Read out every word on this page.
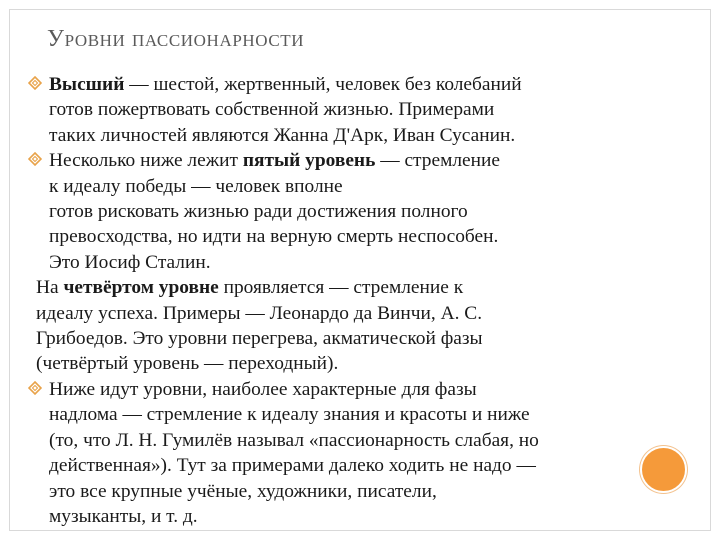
Уровни пассионарности
Высший — шестой, жертвенный, человек без колебаний
готов пожертвовать собственной жизнью. Примерами
таких личностей являются Жанна Д'Арк, Иван Сусанин.
Несколько ниже лежит пятый уровень — стремление
к идеалу победы — человек вполне
готов рисковать жизнью ради достижения полного
превосходства, но идти на верную смерть неспособен.
Это Иосиф Сталин.
На четвёртом уровне проявляется — стремление к
идеалу успеха. Примеры — Леонардо да Винчи, А. С.
Грибоедов. Это уровни перегрева, акматической фазы
(четвёртый уровень — переходный).
Ниже идут уровни, наиболее характерные для фазы
надлома — стремление к идеалу знания и красоты и ниже
(то, что Л. Н. Гумилёв называл «пассионарность слабая, но
действенная»). Тут за примерами далеко ходить не надо —
это все крупные учёные, художники, писатели,
музыканты, и т. д.
